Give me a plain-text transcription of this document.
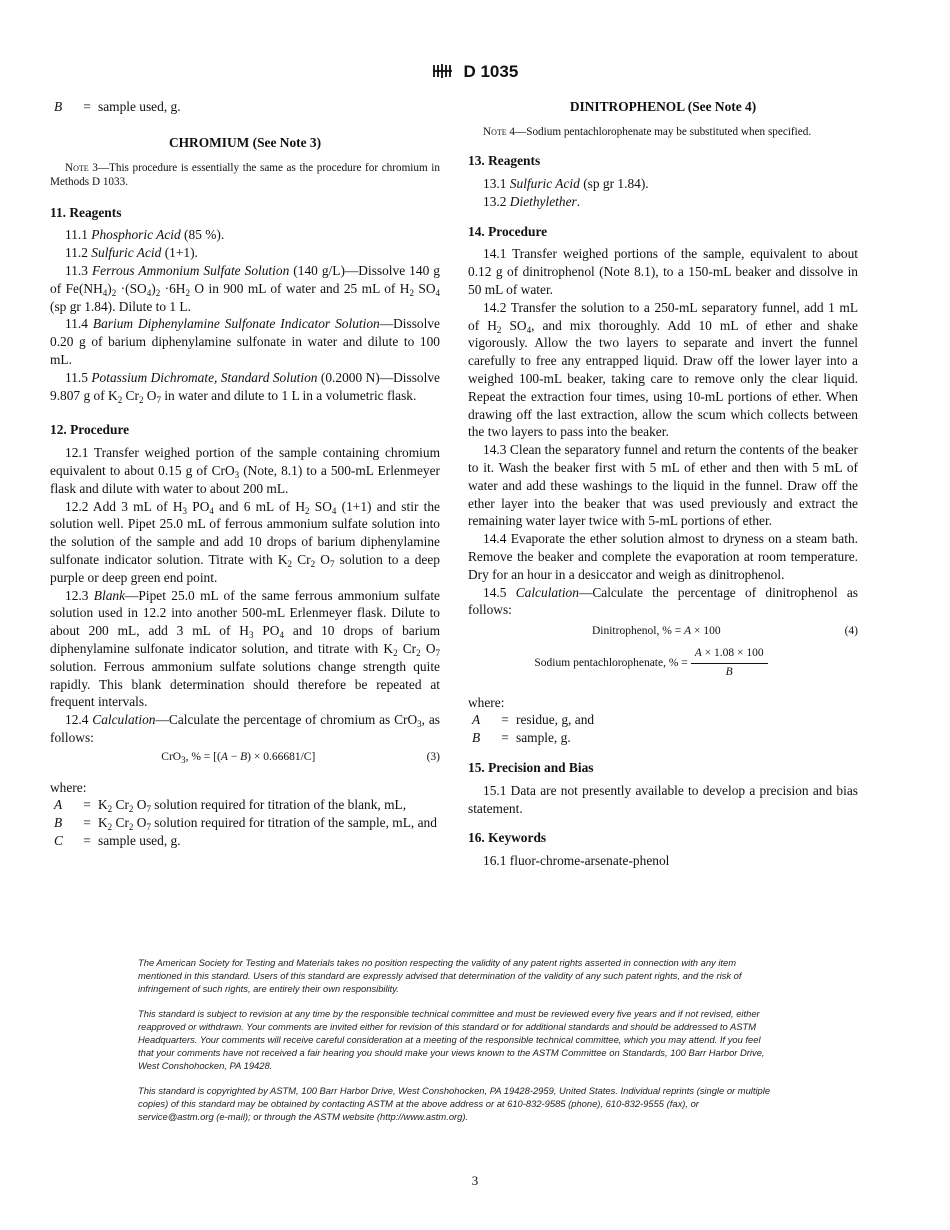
D 1035
B	= sample used, g.

CHROMIUM (See Note 3)

Note 3—This procedure is essentially the same as the procedure for chromium in Methods D 1033.

11. Reagents

11.1 Phosphoric Acid (85 %).

11.2 Sulfuric Acid (1+1).

11.3 Ferrous Ammonium Sulfate Solution (140 g/L)—Dissolve 140 g of $Fe(NH_4)_2 \cdot(SO_4)_2 \cdot 6H_2$ O in 900 mL of water and 25 mL of $H_2$ $SO_4$ (sp gr 1.84). Dilute to 1 L.

11.4 Barium Diphenylamine Sulfonate Indicator Solution—Dissolve 0.20 g of barium diphenylamine sulfonate in water and dilute to 100 mL.

11.5 Potassium Dichromate, Standard Solution (0.2000 N)—Dissolve 9.807 g of $K_2$ $Cr_2$ $O_7$ in water and dilute to 1 L in a volumetric flask.

12. Procedure

12.1 Transfer weighed portion of the sample containing chromium equivalent to about 0.15 g of CrO$_3$ (Note, 8.1) to a 500-mL Erlenmeyer flask and dilute with water to about 200 mL.

12.2 Add 3 mL of $H_3$ $PO_4$ and 6 mL of $H_2$ $SO_4$ (1+1) and stir the solution well. Pipet 25.0 mL of ferrous ammonium sulfate solution into the solution of the sample and add 10 drops of barium diphenylamine sulfonate indicator solution. Titrate with $K_2$ $Cr_2$ $O_7$ solution to a deep purple or deep green end point.

12.3 Blank—Pipet 25.0 mL of the same ferrous ammonium sulfate solution used in 12.2 into another 500-mL Erlenmeyer flask. Dilute to about 200 mL, add 3 mL of $H_3$ $PO_4$ and 10 drops of barium diphenylamine sulfonate indicator solution, and titrate with $K_2$ $Cr_2$ $O_7$ solution. Ferrous ammonium sulfate solutions change strength quite rapidly. This blank determination should therefore be repeated at frequent intervals.

12.4 Calculation—Calculate the percentage of chromium as CrO$_3$, as follows:

CrO$_3$, % = [(A − B) × 0.66681/C]	(3)

where:

A	= $K_2$ $Cr_2$ $O_7$ solution required for titration of the blank, mL,
B	= $K_2$ $Cr_2$ $O_7$ solution required for titration of the sample, mL, and
C	= sample used, g.

DINITROPHENOL (See Note 4)

Note 4—Sodium pentachlorophenate may be substituted when specified.

13. Reagents

13.1 Sulfuric Acid (sp gr 1.84).

13.2 Diethylether.

14. Procedure

14.1 Transfer weighed portions of the sample, equivalent to about 0.12 g of dinitrophenol (Note 8.1), to a 150-mL beaker and dissolve in 50 mL of water.

14.2 Transfer the solution to a 250-mL separatory funnel, add 1 mL of $H_2$ $SO_4$, and mix thoroughly. Add 10 mL of ether and shake vigorously. Allow the two layers to separate and invert the funnel carefully to free any entrapped liquid. Draw off the lower layer into a weighed 100-mL beaker, taking care to remove only the clear liquid. Repeat the extraction four times, using 10-mL portions of ether. When drawing off the last extraction, allow the scum which collects between the two layers to pass into the beaker.

14.3 Clean the separatory funnel and return the contents of the beaker to it. Wash the beaker first with 5 mL of ether and then with 5 mL of water and add these washings to the liquid in the funnel. Draw off the ether layer into the beaker that was used previously and extract the remaining water layer twice with 5-mL portions of ether.

14.4 Evaporate the ether solution almost to dryness on a steam bath. Remove the beaker and complete the evaporation at room temperature. Dry for an hour in a desiccator and weigh as dinitrophenol.

14.5 Calculation—Calculate the percentage of dinitrophenol as follows:

Dinitrophenol, % = A × 100	(4)
Sodium pentachlorophenate, % = $\frac{A \times 1.08 \times 100}{B}$

where:

A	= residue, g, and
B	= sample, g.
15. Precision and Bias

15.1 Data are not presently available to develop a precision and bias statement.

16. Keywords

16.1 fluor-chrome-arsenate-phenol

The American Society for Testing and Materials takes no position respecting the validity of any patent rights asserted in connection with any item mentioned in this standard. Users of this standard are expressly advised that determination of the validity of any such patent rights, and the risk of infringement of such rights, are entirely their own responsibility.

This standard is subject to revision at any time by the responsible technical committee and must be reviewed every five years and if not revised, either reapproved or withdrawn. Your comments are invited either for revision of this standard or for additional standards and should be addressed to ASTM Headquarters. Your comments will receive careful consideration at a meeting of the responsible technical committee, which you may attend. If you feel that your comments have not received a fair hearing you should make your views known to the ASTM Committee on Standards, 100 Barr Harbor Drive, West Conshohocken, PA 19428.

This standard is copyrighted by ASTM, 100 Barr Harbor Drive, West Conshohocken, PA 19428-2959, United States. Individual reprints (single or multiple copies) of this standard may be obtained by contacting ASTM at the above address or at 610-832-9585 (phone), 610-832-9555 (fax), or service@astm.org (e-mail); or through the ASTM website (http://www.astm.org).

3
